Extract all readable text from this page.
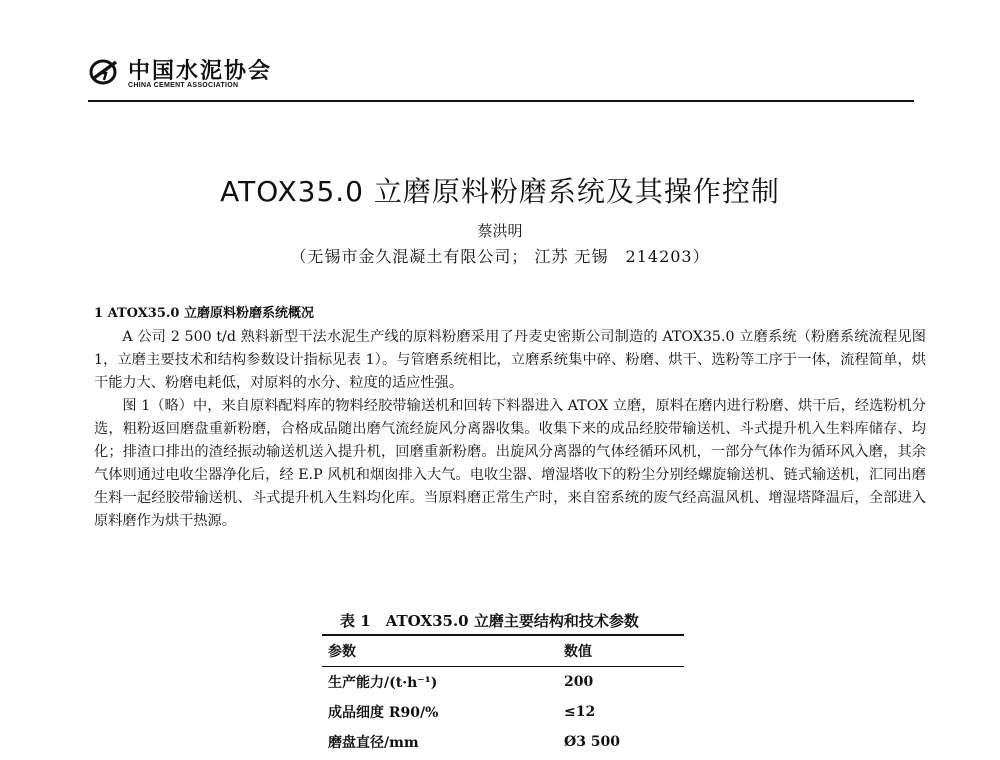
中国水泥协会
CHINA CEMENT ASSOCIATION
ATOX35.0 立磨原料粉磨系统及其操作控制
蔡洪明
（无锡市金久混凝土有限公司； 江苏 无锡　214203）
1 ATOX35.0 立磨原料粉磨系统概况

A 公司 2 500 t/d 熟料新型干法水泥生产线的原料粉磨采用了丹麦史密斯公司制造的 ATOX35.0 立磨系统（粉磨系统流程见图 1，立磨主要技术和结构参数设计指标见表 1）。与管磨系统相比，立磨系统集中碎、粉磨、烘干、选粉等工序于一体，流程简单，烘干能力大、粉磨电耗低，对原料的水分、粒度的适应性强。

图 1（略）中，来自原料配料库的物料经胶带输送机和回转下料器进入 ATOX 立磨，原料在磨内进行粉磨、烘干后，经选粉机分选，粗粉返回磨盘重新粉磨，合格成品随出磨气流经旋风分离器收集。收集下来的成品经胶带输送机、斗式提升机入生料库储存、均化；排渣口排出的渣经振动输送机送入提升机，回磨重新粉磨。出旋风分离器的气体经循环风机，一部分气体作为循环风入磨，其余气体则通过电收尘器净化后，经 E.P 风机和烟囱排入大气。电收尘器、增湿塔收下的粉尘分别经螺旋输送机、链式输送机，汇同出磨生料一起经胶带输送机、斗式提升机入生料均化库。当原料磨正常生产时，来自窑系统的废气经高温风机、增湿塔降温后，全部进入原料磨作为烘干热源。

表 1　ATOX35.0 立磨主要结构和技术参数
参数	数值
生产能力/(t·h⁻¹)	200
成品细度 R90/%	≤12
磨盘直径/mm	Ø3 500
